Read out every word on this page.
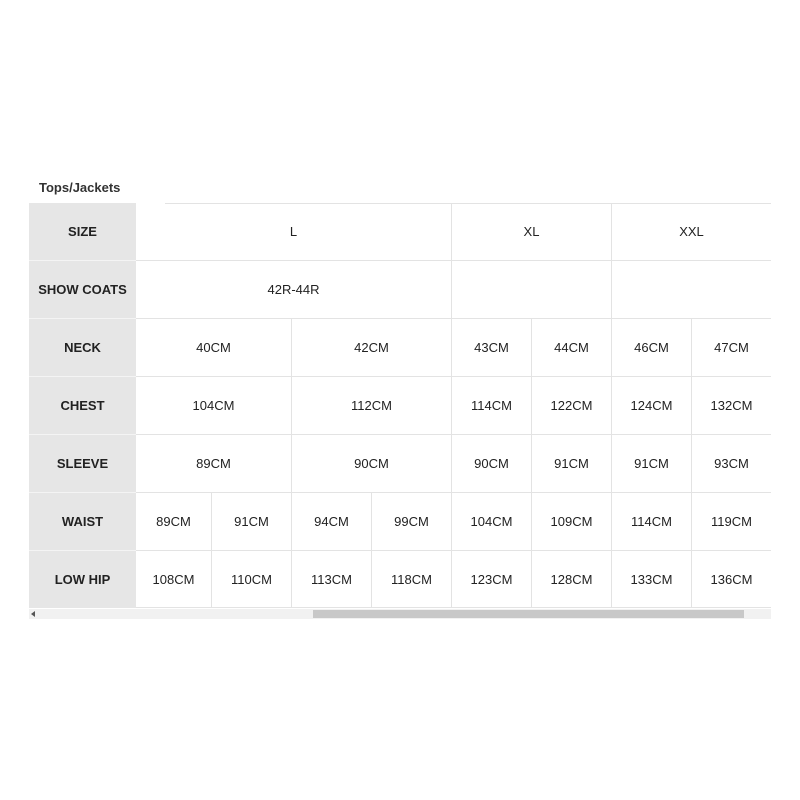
Tops/Jackets
SIZE	L	XL	XXL
SHOW COATS	42R-44R
NECK	40CM	42CM	43CM	44CM	46CM	47CM
CHEST	104CM	112CM	114CM	122CM	124CM	132CM
SLEEVE	89CM	90CM	90CM	91CM	91CM	93CM
WAIST	89CM	91CM	94CM	99CM	104CM	109CM	114CM	119CM
LOW HIP	108CM	110CM	113CM	118CM	123CM	128CM	133CM	136CM
